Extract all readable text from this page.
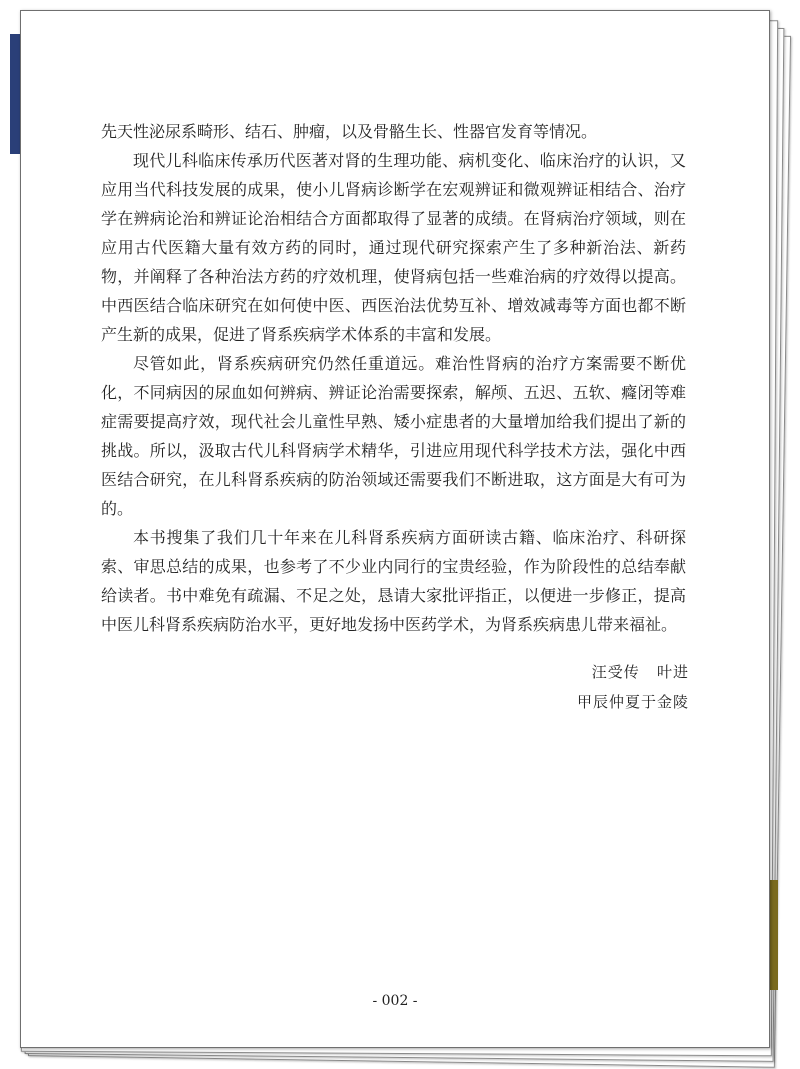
先天性泌尿系畸形、结石、肿瘤，以及骨骼生长、性器官发育等情况。

现代儿科临床传承历代医著对肾的生理功能、病机变化、临床治疗的认识，又应用当代科技发展的成果，使小儿肾病诊断学在宏观辨证和微观辨证相结合、治疗学在辨病论治和辨证论治相结合方面都取得了显著的成绩。在肾病治疗领域，则在应用古代医籍大量有效方药的同时，通过现代研究探索产生了多种新治法、新药物，并阐释了各种治法方药的疗效机理，使肾病包括一些难治病的疗效得以提高。中西医结合临床研究在如何使中医、西医治法优势互补、增效减毒等方面也都不断产生新的成果，促进了肾系疾病学术体系的丰富和发展。

尽管如此，肾系疾病研究仍然任重道远。难治性肾病的治疗方案需要不断优化，不同病因的尿血如何辨病、辨证论治需要探索，解颅、五迟、五软、癃闭等难症需要提高疗效，现代社会儿童性早熟、矮小症患者的大量增加给我们提出了新的挑战。所以，汲取古代儿科肾病学术精华，引进应用现代科学技术方法，强化中西医结合研究，在儿科肾系疾病的防治领域还需要我们不断进取，这方面是大有可为的。

本书搜集了我们几十年来在儿科肾系疾病方面研读古籍、临床治疗、科研探索、审思总结的成果，也参考了不少业内同行的宝贵经验，作为阶段性的总结奉献给读者。书中难免有疏漏、不足之处，恳请大家批评指正，以便进一步修正，提高中医儿科肾系疾病防治水平，更好地发扬中医药学术，为肾系疾病患儿带来福祉。

汪受传   叶进
甲辰仲夏于金陵
- 002 -
